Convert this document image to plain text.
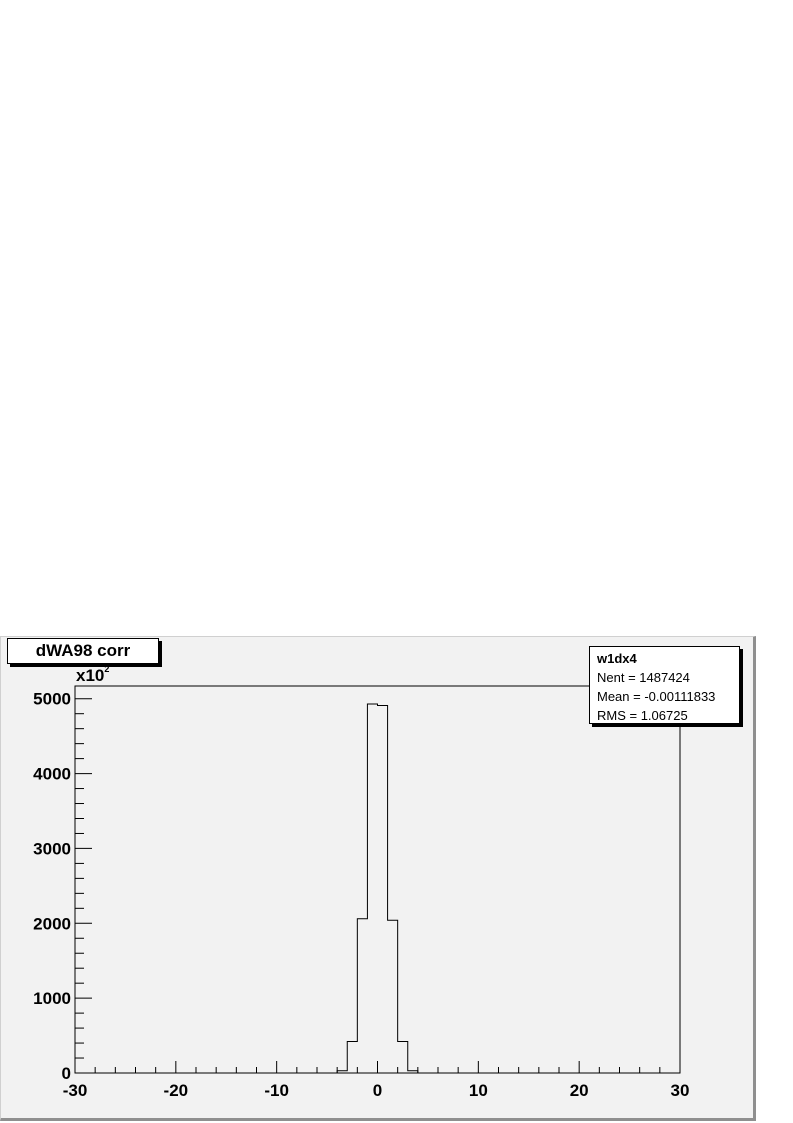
-30	-20	-10	0	10	20	30
0
1000
2000
3000
4000
5000
dWA98 corr
$x10^2$
w1dx4
Nent = 1487424
Mean = -0.00111833
RMS = 1.06725
